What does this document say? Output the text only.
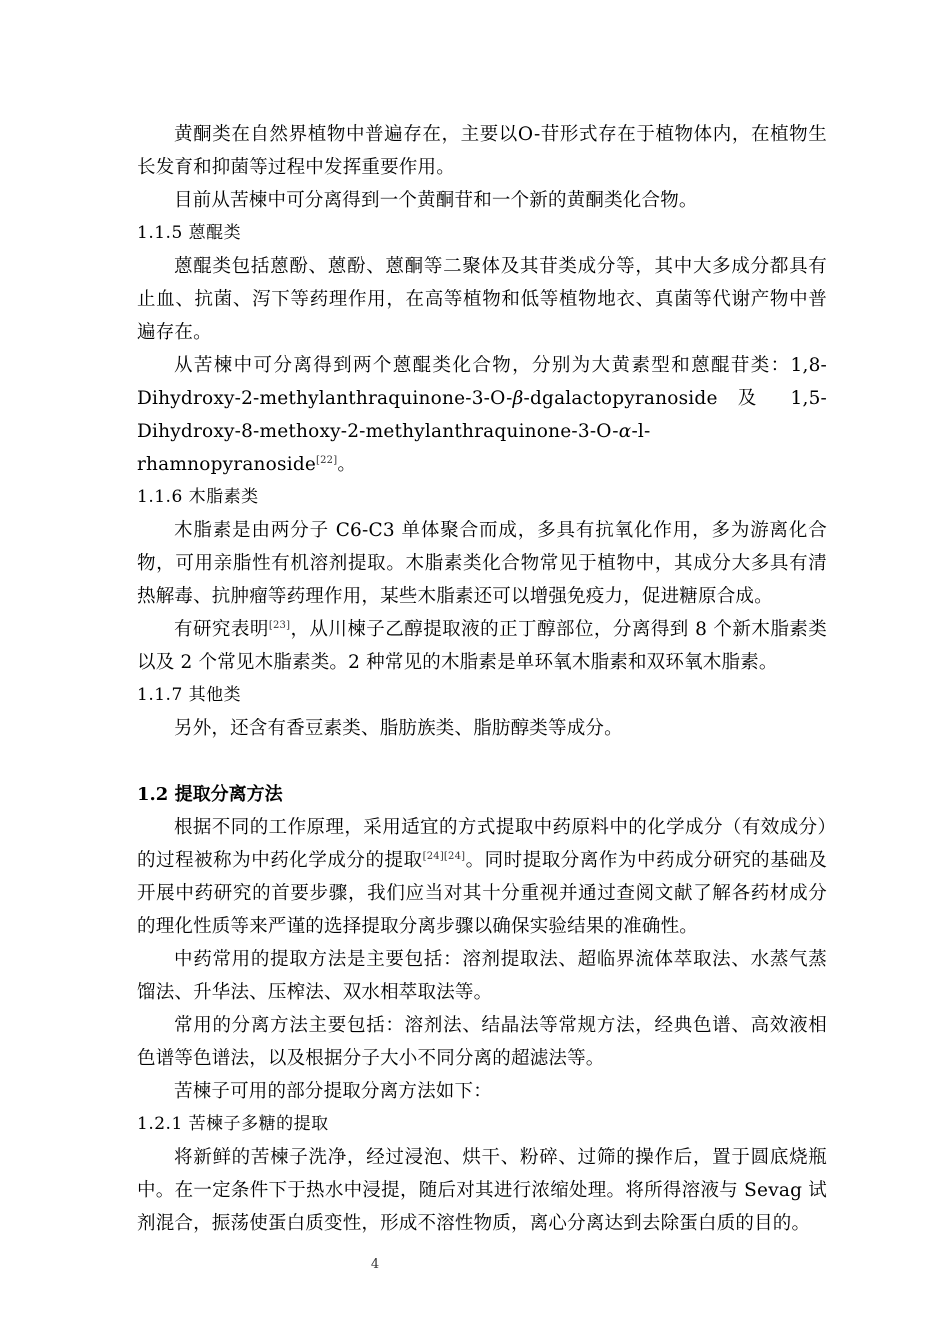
黄酮类在自然界植物中普遍存在，主要以O-苷形式存在于植物体内，在植物生长发育和抑菌等过程中发挥重要作用。

目前从苦楝中可分离得到一个黄酮苷和一个新的黄酮类化合物。

1.1.5 蒽醌类

蒽醌类包括蒽酚、蒽酚、蒽酮等二聚体及其苷类成分等，其中大多成分都具有止血、抗菌、泻下等药理作用，在高等植物和低等植物地衣、真菌等代谢产物中普遍存在。

从苦楝中可分离得到两个蒽醌类化合物，分别为大黄素型和蒽醌苷类：1,8-Dihydroxy-2-methylanthraquinone-3-O-β-dgalactopyranoside 及 1,5-Dihydroxy-8-methoxy-2-methylanthraquinone-3-O-α-l-rhamnopyranoside[22]。

1.1.6 木脂素类

木脂素是由两分子 C6-C3 单体聚合而成，多具有抗氧化作用，多为游离化合物，可用亲脂性有机溶剂提取。木脂素类化合物常见于植物中，其成分大多具有清热解毒、抗肿瘤等药理作用，某些木脂素还可以增强免疫力，促进糖原合成。

有研究表明[23]，从川楝子乙醇提取液的正丁醇部位，分离得到 8 个新木脂素类以及 2 个常见木脂素类。2 种常见的木脂素是单环氧木脂素和双环氧木脂素。

1.1.7 其他类

另外，还含有香豆素类、脂肪族类、脂肪醇类等成分。

1.2 提取分离方法

根据不同的工作原理，采用适宜的方式提取中药原料中的化学成分（有效成分）的过程被称为中药化学成分的提取[24][24]。同时提取分离作为中药成分研究的基础及开展中药研究的首要步骤，我们应当对其十分重视并通过查阅文献了解各药材成分的理化性质等来严谨的选择提取分离步骤以确保实验结果的准确性。

中药常用的提取方法是主要包括：溶剂提取法、超临界流体萃取法、水蒸气蒸馏法、升华法、压榨法、双水相萃取法等。

常用的分离方法主要包括：溶剂法、结晶法等常规方法，经典色谱、高效液相色谱等色谱法，以及根据分子大小不同分离的超滤法等。

苦楝子可用的部分提取分离方法如下：

1.2.1 苦楝子多糖的提取

将新鲜的苦楝子洗净，经过浸泡、烘干、粉碎、过筛的操作后，置于圆底烧瓶中。在一定条件下于热水中浸提，随后对其进行浓缩处理。将所得溶液与 Sevag 试剂混合，振荡使蛋白质变性，形成不溶性物质，离心分离达到去除蛋白质的目的。

4
